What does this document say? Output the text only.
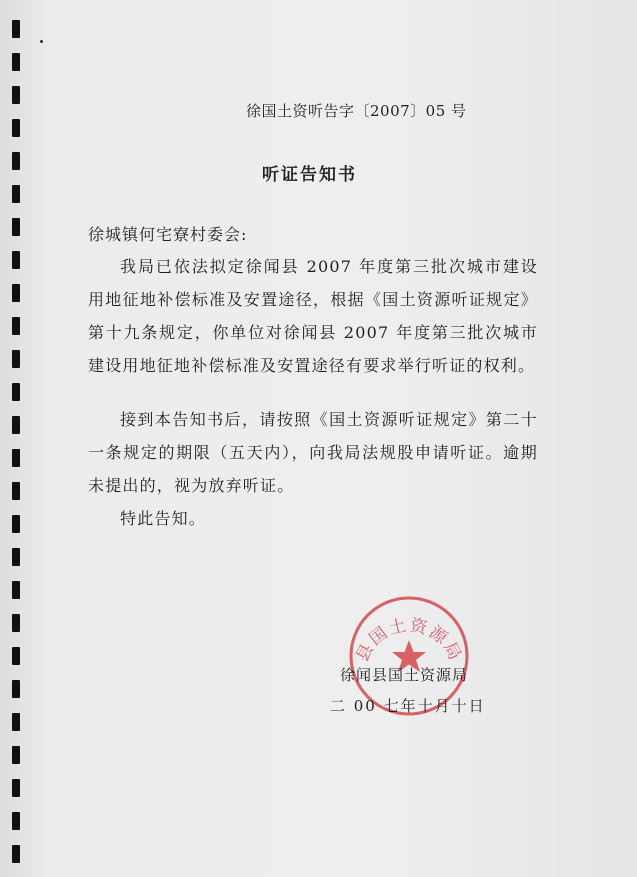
徐国土资听告字〔2007〕05 号
听证告知书
徐城镇何宅寮村委会:
我局已依法拟定徐闻县 2007 年度第三批次城市建设用地征地补偿标准及安置途径，根据《国土资源听证规定》第十九条规定，你单位对徐闻县 2007 年度第三批次城市建设用地征地补偿标准及安置途径有要求举行听证的权利。
接到本告知书后，请按照《国土资源听证规定》第二十一条规定的期限（五天内），向我局法规股申请听证。逾期未提出的，视为放弃听证。
特此告知。
县国土资源局
徐闻县国土资源局
二 00 七年十月十日
